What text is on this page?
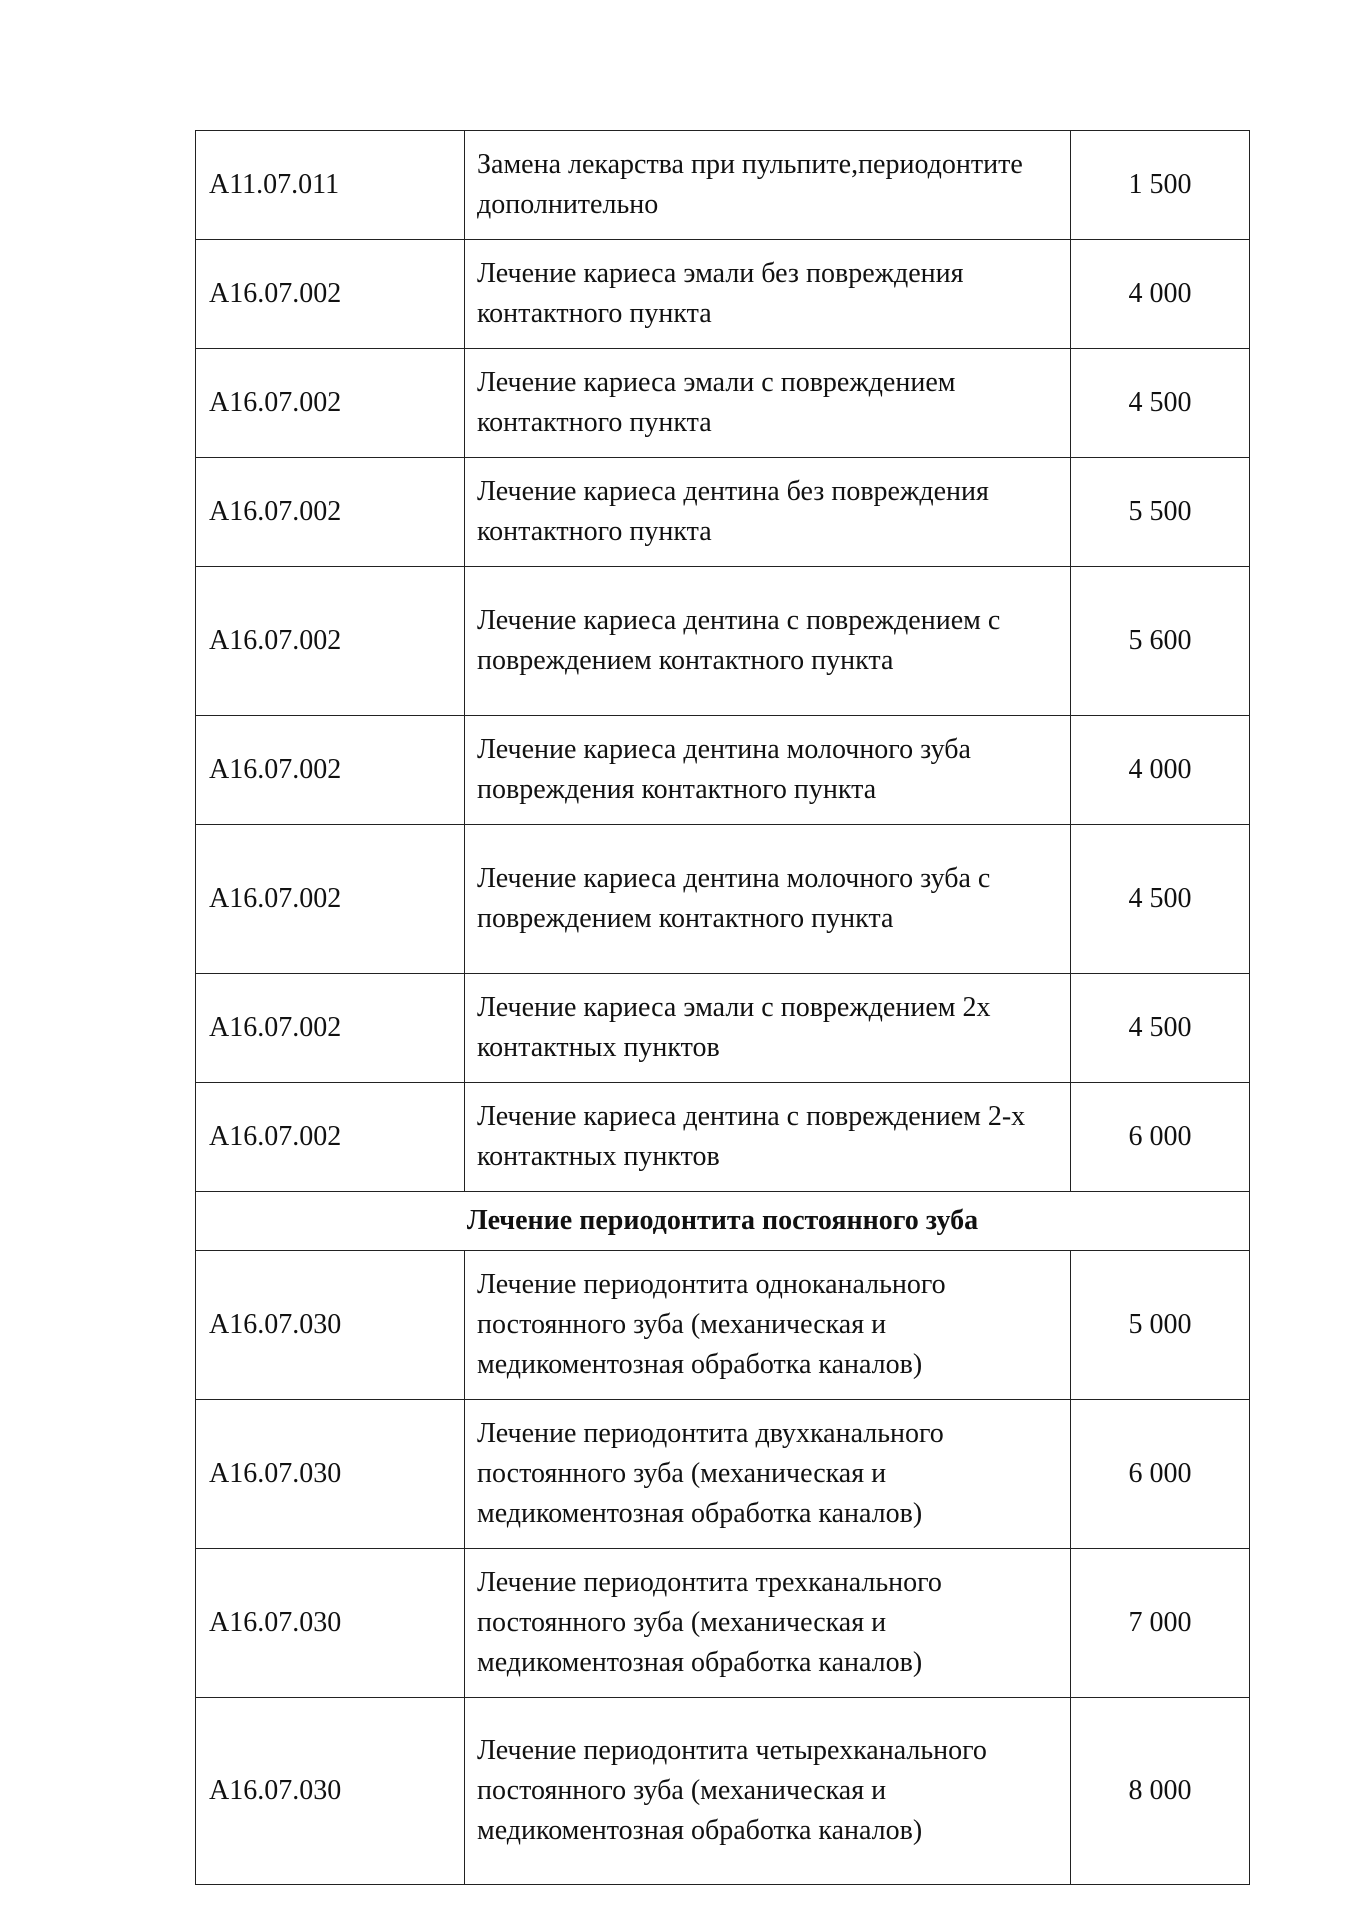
А11.07.011	Замена лекарства при пульпите,периодонтите дополнительно	1 500
А16.07.002	Лечение кариеса эмали без повреждения контактного пункта	4 000
А16.07.002	Лечение кариеса эмали с повреждением контактного пункта	4 500
А16.07.002	Лечение кариеса дентина без повреждения контактного пункта	5 500
А16.07.002	Лечение кариеса дентина с повреждением с повреждением контактного пункта	5 600
А16.07.002	Лечение кариеса дентина молочного зуба повреждения контактного пункта	4 000
А16.07.002	Лечение кариеса дентина молочного зуба с повреждением контактного пункта	4 500
А16.07.002	Лечение кариеса эмали с повреждением 2х контактных пунктов	4 500
А16.07.002	Лечение кариеса дентина с повреждением 2-х контактных пунктов	6 000
Лечение периодонтита постоянного зуба		
А16.07.030	Лечение периодонтита одноканального постоянного зуба (механическая и медикоментозная обработка каналов)	5 000
А16.07.030	Лечение периодонтита двухканального постоянного зуба (механическая и медикоментозная обработка каналов)	6 000
А16.07.030	Лечение периодонтита трехканального постоянного зуба (механическая и медикоментозная обработка каналов)	7 000
А16.07.030	Лечение периодонтита четырехканального постоянного зуба (механическая и медикоментозная обработка каналов)	8 000
